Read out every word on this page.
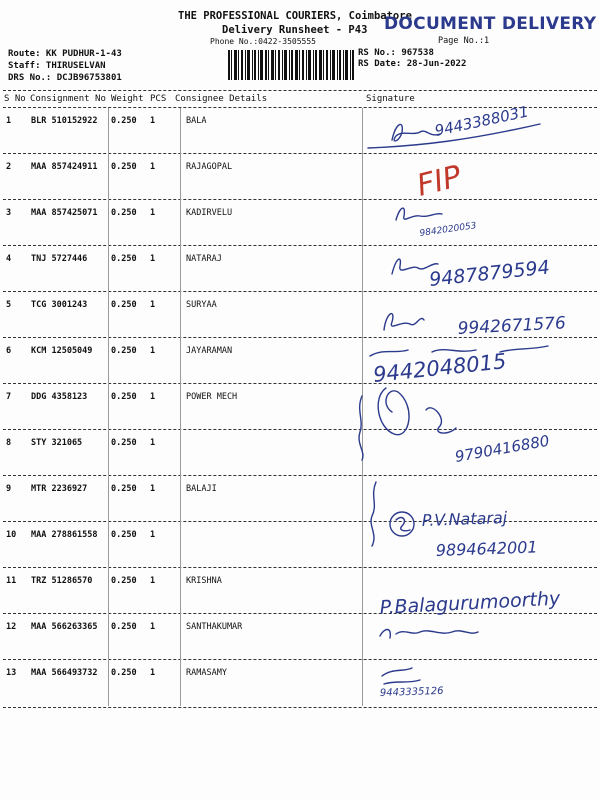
THE PROFESSIONAL COURIERS, Coimbatore
Delivery Runsheet - P43 DOCUMENT DELIVERY
Phone No.:0422-3505555	Page No.:1
Route: KK PUDHUR-1-43
Staff: THIRUSELVAN
DRS No.: DCJB96753801
RS No.: 967538
RS Date: 28-Jun-2022
S No Consignment No Weight PCS Consignee Details	Signature
1 BLR 510152922 0.250 1	BALA
2 MAA 857424911 0.250 1	RAJAGOPAL
3 MAA 857425071 0.250 1	KADIRVELU
4 TNJ 5727446	0.250 1	NATARAJ
5 TCG 3001243	0.250 1	SURYAA
6 KCM 12505049 0.250 1	JAYARAMAN
7 DDG 4358123	0.250 1	POWER MECH
8 STY 321065	0.250 1
9 MTR 2236927	0.250 1	BALAJI
10 MAA 278861558 0.250 1
11 TRZ 51286570 0.250 1	KRISHNA
12 MAA 566263365 0.250 1	SANTHAKUMAR
13 MAA 566493732 0.250 1	RAMASAMY
9443388031
9842020053
9487879594
9942671576
9442048015
9790416880
P.V.Nataraj
9894642001
P.Balagurumoorthy
9443335126
FIP
